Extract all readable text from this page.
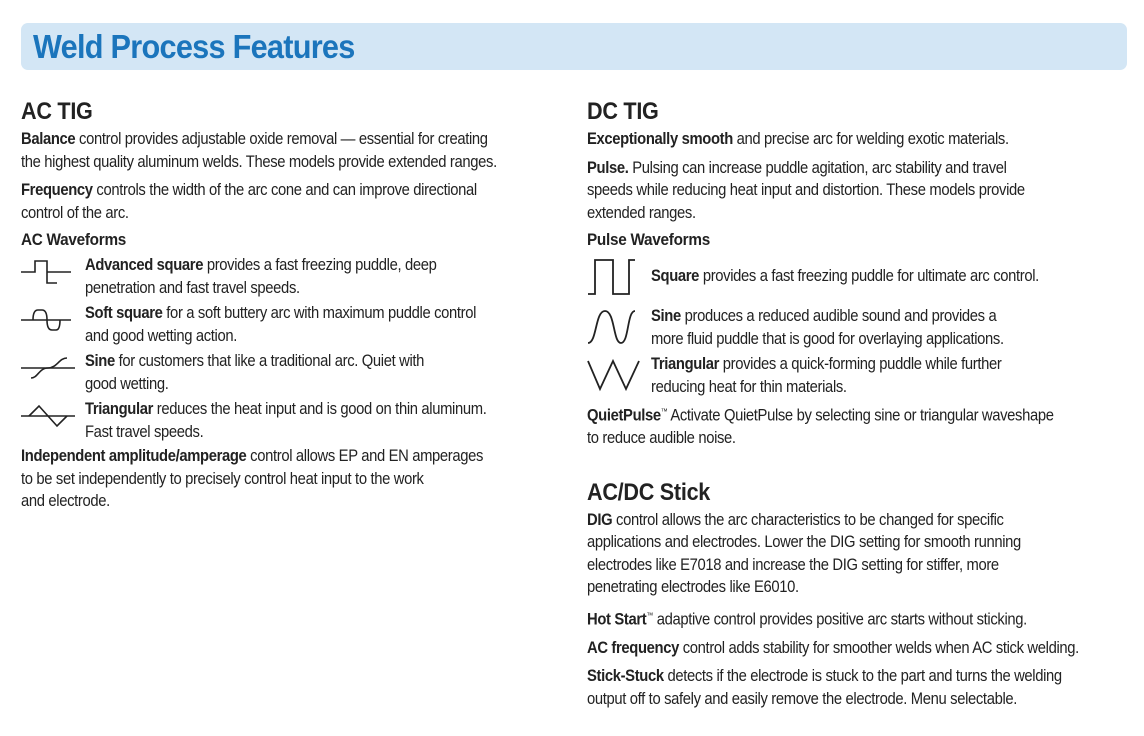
Weld Process Features
AC TIG

Balance control provides adjustable oxide removal — essential for creating

the highest quality aluminum welds. These models provide extended ranges.

Frequency controls the width of the arc cone and can improve directional

control of the arc.

AC Waveforms

Advanced square provides a fast freezing puddle, deep

penetration and fast travel speeds.

Soft square for a soft buttery arc with maximum puddle control

and good wetting action.

Sine for customers that like a traditional arc. Quiet with

good wetting.

Triangular reduces the heat input and is good on thin aluminum.

Fast travel speeds.

Independent amplitude/amperage control allows EP and EN amperages

to be set independently to precisely control heat input to the work

and electrode.

DC TIG

Exceptionally smooth and precise arc for welding exotic materials.

Pulse. Pulsing can increase puddle agitation, arc stability and travel

speeds while reducing heat input and distortion. These models provide

extended ranges.

Pulse Waveforms

Square provides a fast freezing puddle for ultimate arc control.

Sine produces a reduced audible sound and provides a

more fluid puddle that is good for overlaying applications.

Triangular provides a quick-forming puddle while further

reducing heat for thin materials.

QuietPulse™ Activate QuietPulse by selecting sine or triangular waveshape

to reduce audible noise.

AC/DC Stick

DIG control allows the arc characteristics to be changed for specific

applications and electrodes. Lower the DIG setting for smooth running

electrodes like E7018 and increase the DIG setting for stiffer, more

penetrating electrodes like E6010.

Hot Start™ adaptive control provides positive arc starts without sticking.

AC frequency control adds stability for smoother welds when AC stick welding.

Stick-Stuck detects if the electrode is stuck to the part and turns the welding

output off to safely and easily remove the electrode. Menu selectable.
